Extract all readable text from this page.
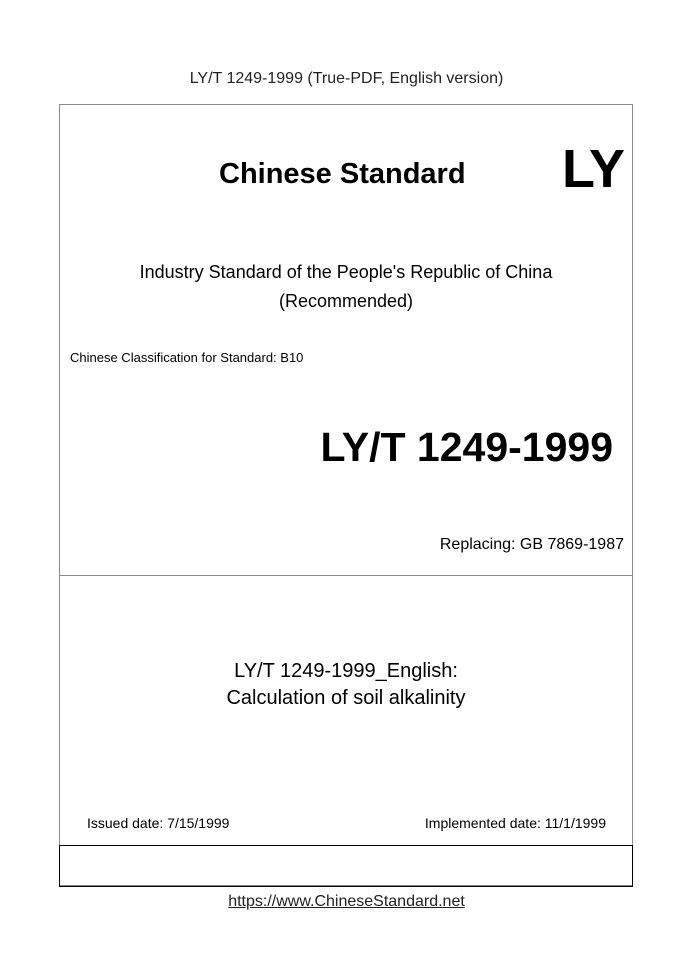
LY/T 1249-1999 (True-PDF, English version)
Chinese Standard LY
Industry Standard of the People's Republic of China
(Recommended)
Chinese Classification for Standard: B10
LY/T 1249-1999
Replacing: GB 7869-1987
LY/T 1249-1999_English:
Calculation of soil alkalinity
Issued date: 7/15/1999	Implemented date: 11/1/1999
https://www.ChineseStandard.net
